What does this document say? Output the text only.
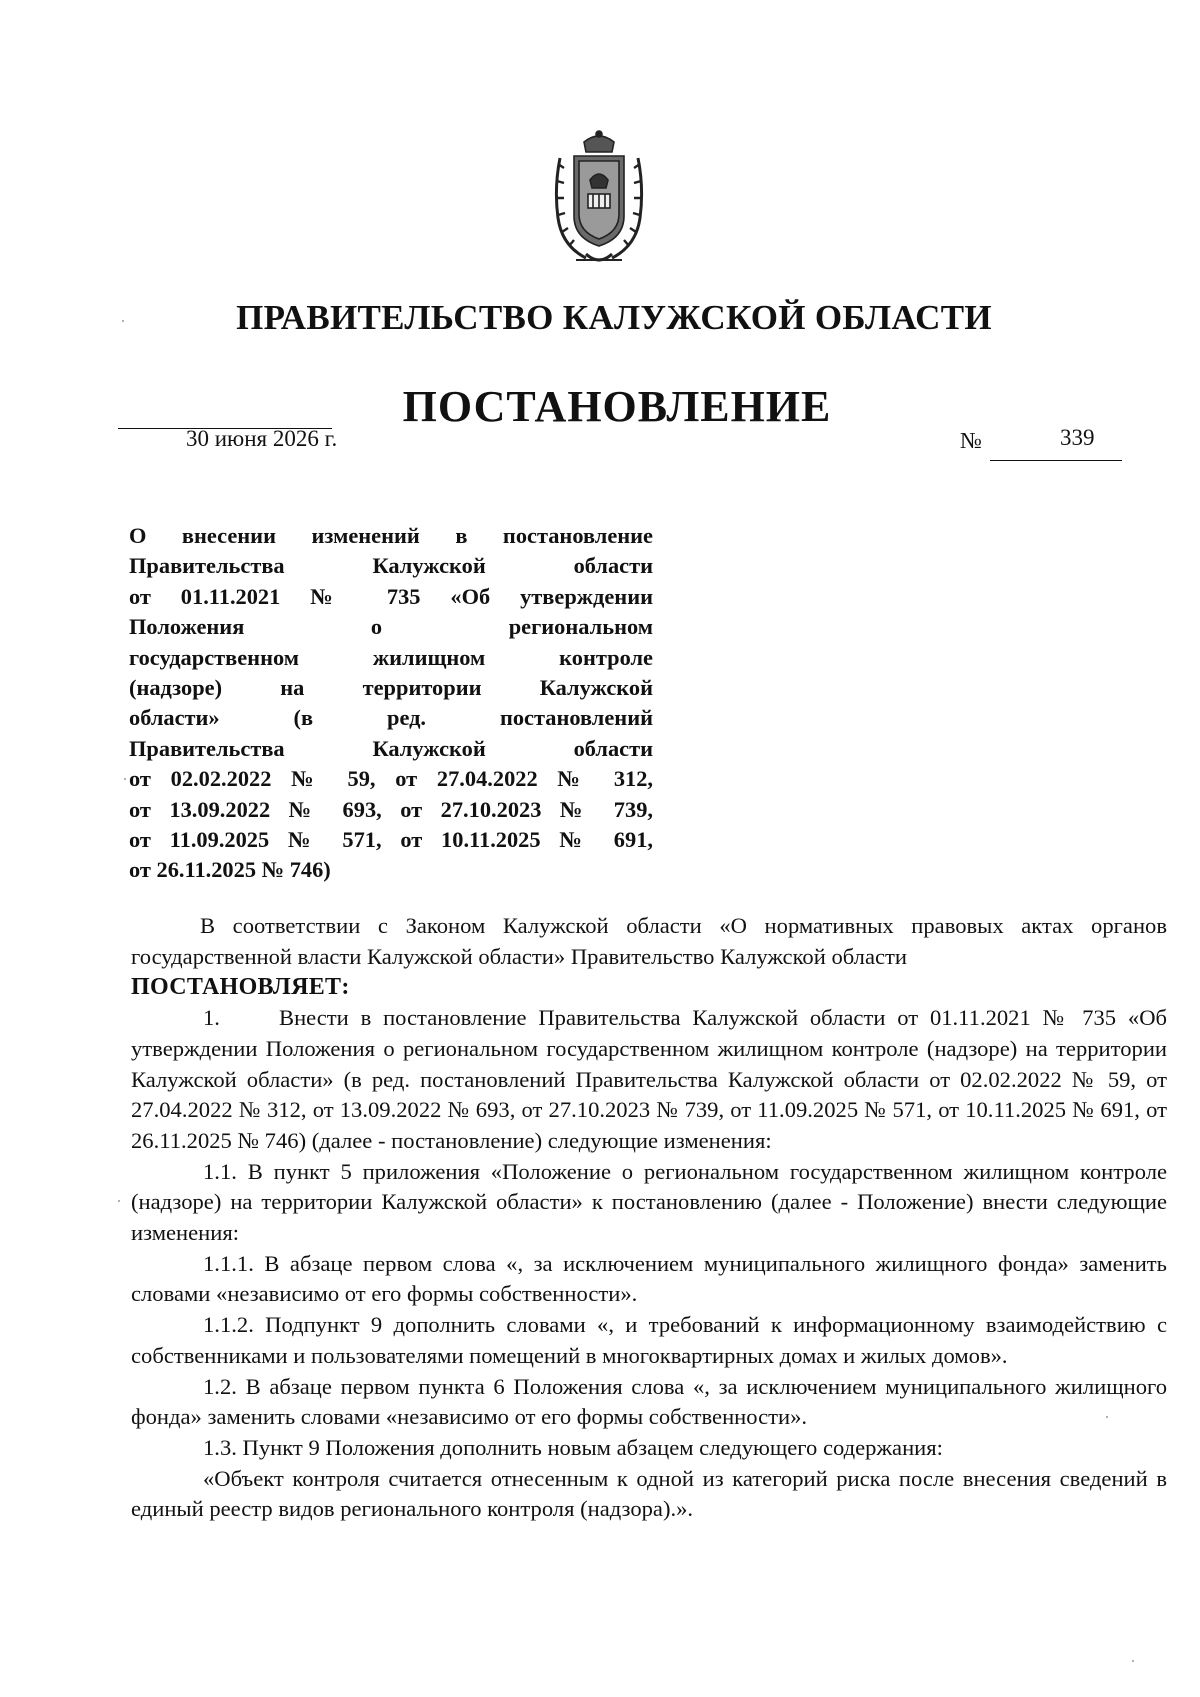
ПРАВИТЕЛЬСТВО КАЛУЖСКОЙ ОБЛАСТИ
ПОСТАНОВЛЕНИЕ
30 июня 2026 г.	№	339
О внесении изменений в постановление
Правительства Калужской области
от 01.11.2021 № 735 «Об утверждении
Положения о региональном
государственном жилищном контроле
(надзоре) на территории Калужской
области» (в ред. постановлений
Правительства Калужской области
от 02.02.2022 № 59, от 27.04.2022 № 312,
от 13.09.2022 № 693, от 27.10.2023 № 739,
от 11.09.2025 № 571, от 10.11.2025 № 691,
от 26.11.2025 № 746)

В соответствии с Законом Калужской области «О нормативных правовых актах органов государственной власти Калужской области» Правительство Калужской области

ПОСТАНОВЛЯЕТ:

1.	Внести в постановление Правительства Калужской области от 01.11.2021 № 735 «Об утверждении Положения о региональном государственном жилищном контроле (надзоре) на территории Калужской области» (в ред. постановлений Правительства Калужской области от 02.02.2022 № 59, от 27.04.2022 № 312, от 13.09.2022 № 693, от 27.10.2023 № 739, от 11.09.2025 № 571, от 10.11.2025 № 691, от 26.11.2025 № 746) (далее - постановление) следующие изменения:

1.1. В пункт 5 приложения «Положение о региональном государственном жилищном контроле (надзоре) на территории Калужской области» к постановлению (далее - Положение) внести следующие изменения:

1.1.1. В абзаце первом слова «, за исключением муниципального жилищного фонда» заменить словами «независимо от его формы собственности».

1.1.2. Подпункт 9 дополнить словами «, и требований к информационному взаимодействию с собственниками и пользователями помещений в многоквартирных домах и жилых домов».

1.2. В абзаце первом пункта 6 Положения слова «, за исключением муниципального жилищного фонда» заменить словами «независимо от его формы собственности».

1.3. Пункт 9 Положения дополнить новым абзацем следующего содержания:

«Объект контроля считается отнесенным к одной из категорий риска после внесения сведений в единый реестр видов регионального контроля (надзора).».
